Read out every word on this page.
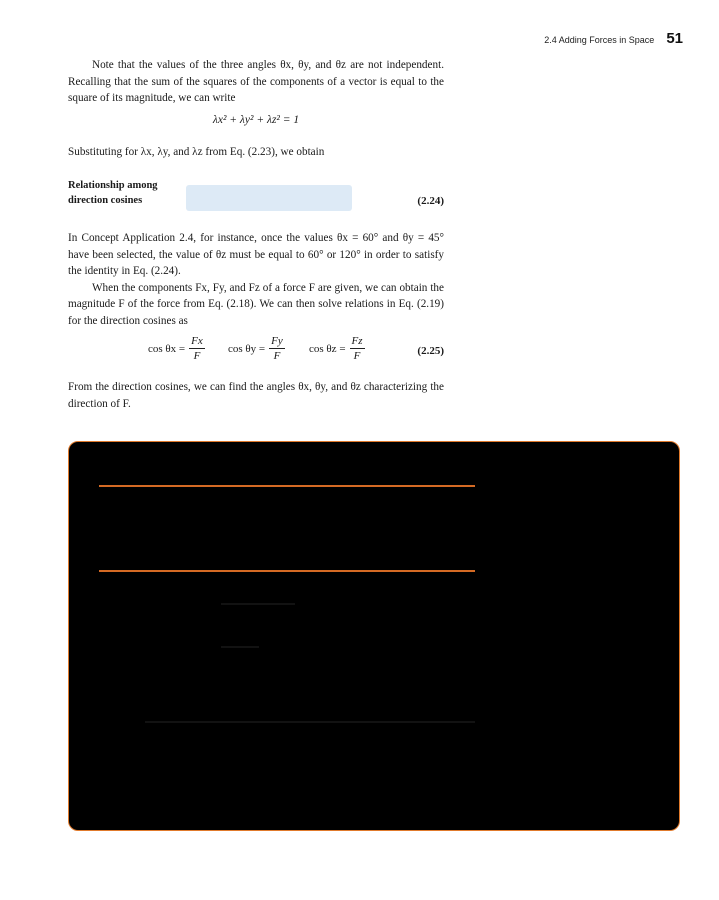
2.4 Adding Forces in Space 51

Note that the values of the three angles θx, θy, and θz are not independent. Recalling that the sum of the squares of the components of a vector is equal to the square of its magnitude, we can write

λx² + λy² + λz² = 1

Substituting for λx, λy, and λz from Eq. (2.23), we obtain

Relationship among
direction cosines	(2.24)

In Concept Application 2.4, for instance, once the values θx = 60° and θy = 45° have been selected, the value of θz must be equal to 60° or 120° in order to satisfy the identity in Eq. (2.24).

When the components Fx, Fy, and Fz of a force F are given, we can obtain the magnitude F of the force from Eq. (2.18). We can then solve relations in Eq. (2.19) for the direction cosines as

$\cos \theta x = \frac{Fx}{F}$ $\cos \theta y = \frac{Fy}{F}$ $\cos \theta z = \frac{Fz}{F}$	(2.25)

From the direction cosines, we can find the angles θx, θy, and θz characterizing the direction of F.
